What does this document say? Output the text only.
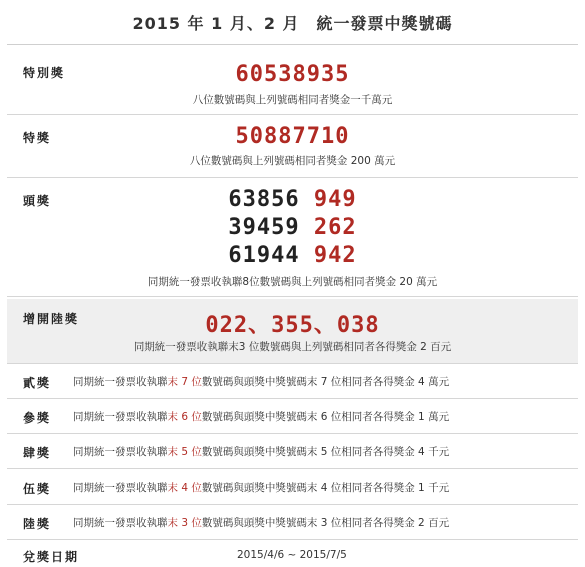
2015 年 1 月、2 月　統一發票中獎號碼
特別獎	60538935
八位數號碼與上列號碼相同者獎金一千萬元
特獎	50887710
八位數號碼與上列號碼相同者獎金 200 萬元
頭獎	63856 949
39459 262
61944 942
同期統一發票收執聯8位數號碼與上列號碼相同者獎金 20 萬元
增開陸獎	022、355、038
同期統一發票收執聯末3 位數號碼與上列號碼相同者各得獎金 2 百元
貳獎 同期統一發票收執聯末 7 位數號碼與頭獎中獎號碼末 7 位相同者各得獎金 4 萬元
參獎 同期統一發票收執聯末 6 位數號碼與頭獎中獎號碼末 6 位相同者各得獎金 1 萬元
肆獎 同期統一發票收執聯末 5 位數號碼與頭獎中獎號碼末 5 位相同者各得獎金 4 千元
伍獎 同期統一發票收執聯末 4 位數號碼與頭獎中獎號碼末 4 位相同者各得獎金 1 千元
陸獎 同期統一發票收執聯末 3 位數號碼與頭獎中獎號碼末 3 位相同者各得獎金 2 百元
兌獎日期	2015/4/6 ~ 2015/7/5
